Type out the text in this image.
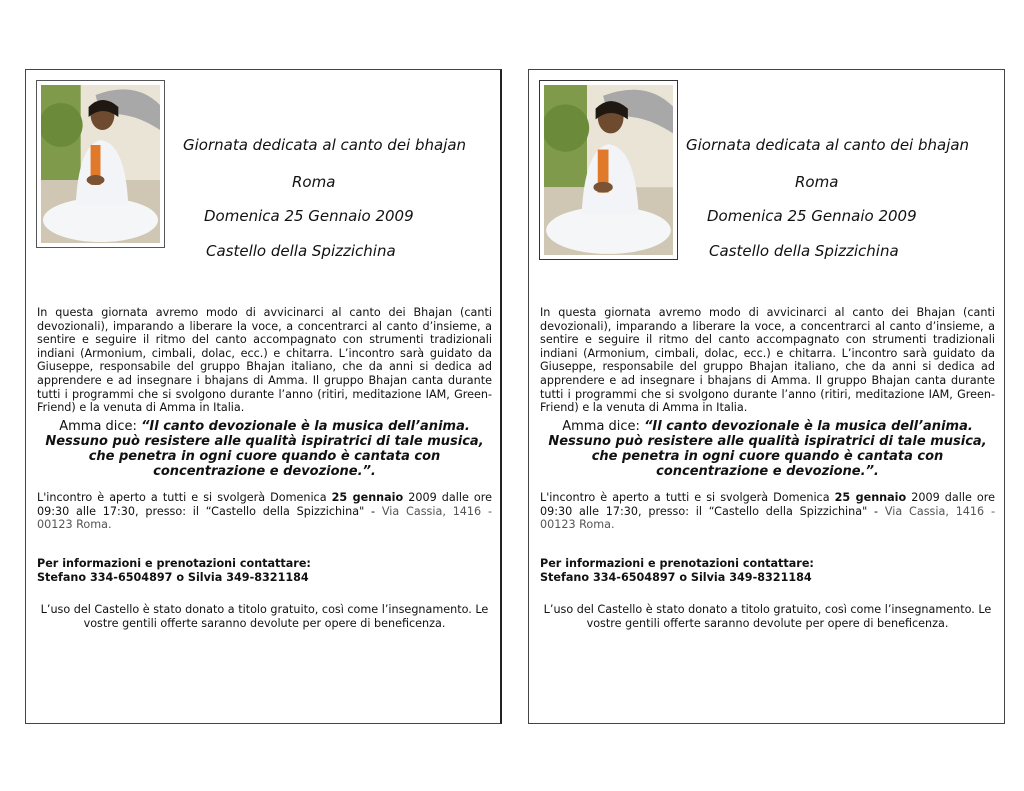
Giornata dedicata al canto dei bhajan
Roma
Domenica 25 Gennaio 2009
Castello della Spizzichina
In questa giornata avremo modo di avvicinarci al canto dei Bhajan (canti devozionali), imparando a liberare la voce, a concentrarci al canto d’insieme, a sentire e seguire il ritmo del canto accompagnato con strumenti tradizionali indiani (Armonium, cimbali, dolac, ecc.) e chitarra. L’incontro sarà guidato da Giuseppe, responsabile del gruppo Bhajan italiano, che da anni si dedica ad apprendere e ad insegnare i bhajans di Amma. Il gruppo Bhajan canta durante tutti i programmi che si svolgono durante l’anno (ritiri, meditazione IAM, Green-Friend) e la venuta di Amma in Italia.
Amma dice: “Il canto devozionale è la musica dell’anima. Nessuno può resistere alle qualità ispiratrici di tale musica, che penetra in ogni cuore quando è cantata con concentrazione e devozione.”.
L'incontro è aperto a tutti e si svolgerà Domenica 25 gennaio 2009 dalle ore 09:30 alle 17:30, presso: il “Castello della Spizzichina" - Via Cassia, 1416 - 00123 Roma.
Per informazioni e prenotazioni contattare:
Stefano 334-6504897 o Silvia 349-8321184
L’uso del Castello è stato donato a titolo gratuito, così come l’insegnamento. Le vostre gentili offerte saranno devolute per opere di beneficenza.
Giornata dedicata al canto dei bhajan
Roma
Domenica 25 Gennaio 2009
Castello della Spizzichina
In questa giornata avremo modo di avvicinarci al canto dei Bhajan (canti devozionali), imparando a liberare la voce, a concentrarci al canto d’insieme, a sentire e seguire il ritmo del canto accompagnato con strumenti tradizionali indiani (Armonium, cimbali, dolac, ecc.) e chitarra. L’incontro sarà guidato da Giuseppe, responsabile del gruppo Bhajan italiano, che da anni si dedica ad apprendere e ad insegnare i bhajans di Amma. Il gruppo Bhajan canta durante tutti i programmi che si svolgono durante l’anno (ritiri, meditazione IAM, Green-Friend) e la venuta di Amma in Italia.
Amma dice: “Il canto devozionale è la musica dell’anima. Nessuno può resistere alle qualità ispiratrici di tale musica, che penetra in ogni cuore quando è cantata con concentrazione e devozione.”.
L'incontro è aperto a tutti e si svolgerà Domenica 25 gennaio 2009 dalle ore 09:30 alle 17:30, presso: il “Castello della Spizzichina" - Via Cassia, 1416 - 00123 Roma.
Per informazioni e prenotazioni contattare:
Stefano 334-6504897 o Silvia 349-8321184
L’uso del Castello è stato donato a titolo gratuito, così come l’insegnamento. Le vostre gentili offerte saranno devolute per opere di beneficenza.
